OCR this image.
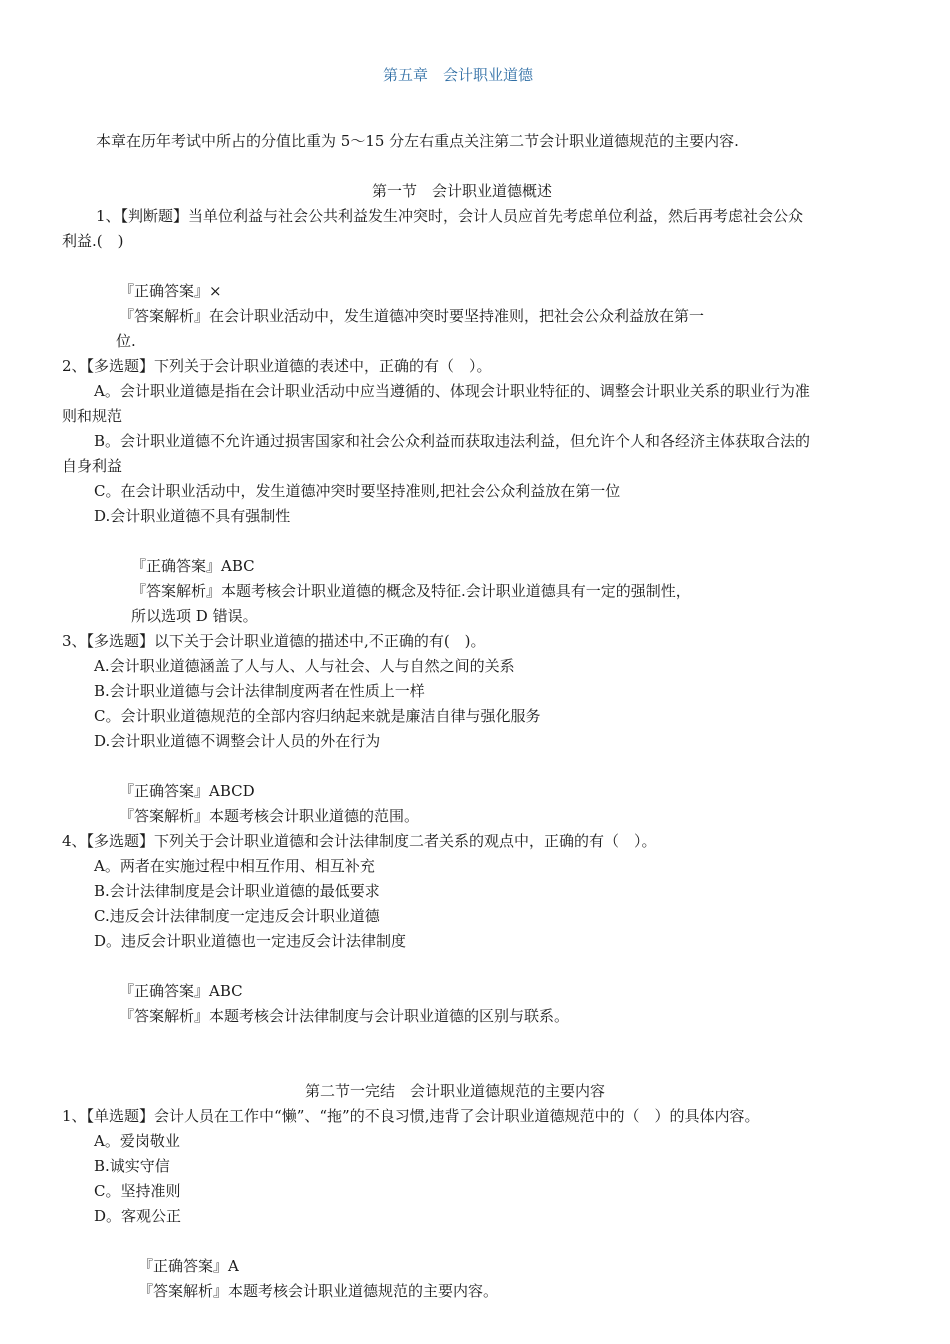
第五章　会计职业道德
本章在历年考试中所占的分值比重为 5～15 分左右重点关注第二节会计职业道德规范的主要内容.
第一节　会计职业道德概述
1、【判断题】当单位利益与社会公共利益发生冲突时，会计人员应首先考虑单位利益，然后再考虑社会公众
利益.(　)
『正确答案』×
『答案解析』在会计职业活动中，发生道德冲突时要坚持准则，把社会公众利益放在第一
位.
2、【多选题】下列关于会计职业道德的表述中，正确的有（　）。
A。会计职业道德是指在会计职业活动中应当遵循的、体现会计职业特征的、调整会计职业关系的职业行为准
则和规范
B。会计职业道德不允许通过损害国家和社会公众利益而获取违法利益，但允许个人和各经济主体获取合法的
自身利益
C。在会计职业活动中，发生道德冲突时要坚持准则,把社会公众利益放在第一位
D.会计职业道德不具有强制性
『正确答案』ABC
『答案解析』本题考核会计职业道德的概念及特征.会计职业道德具有一定的强制性，
所以选项 D 错误。
3、【多选题】以下关于会计职业道德的描述中,不正确的有(　)。
A.会计职业道德涵盖了人与人、人与社会、人与自然之间的关系
B.会计职业道德与会计法律制度两者在性质上一样
C。会计职业道德规范的全部内容归纳起来就是廉洁自律与强化服务
D.会计职业道德不调整会计人员的外在行为
『正确答案』ABCD
『答案解析』本题考核会计职业道德的范围。
4、【多选题】下列关于会计职业道德和会计法律制度二者关系的观点中，正确的有（　）。
A。两者在实施过程中相互作用、相互补充
B.会计法律制度是会计职业道德的最低要求
C.违反会计法律制度一定违反会计职业道德
D。违反会计职业道德也一定违反会计法律制度
『正确答案』ABC
『答案解析』本题考核会计法律制度与会计职业道德的区别与联系。
第二节一完结　会计职业道德规范的主要内容
1、【单选题】会计人员在工作中“懒”、“拖”的不良习惯,违背了会计职业道德规范中的（　）的具体内容。
A。爱岗敬业
B.诚实守信
C。坚持准则
D。客观公正
『正确答案』A
『答案解析』本题考核会计职业道德规范的主要内容。
